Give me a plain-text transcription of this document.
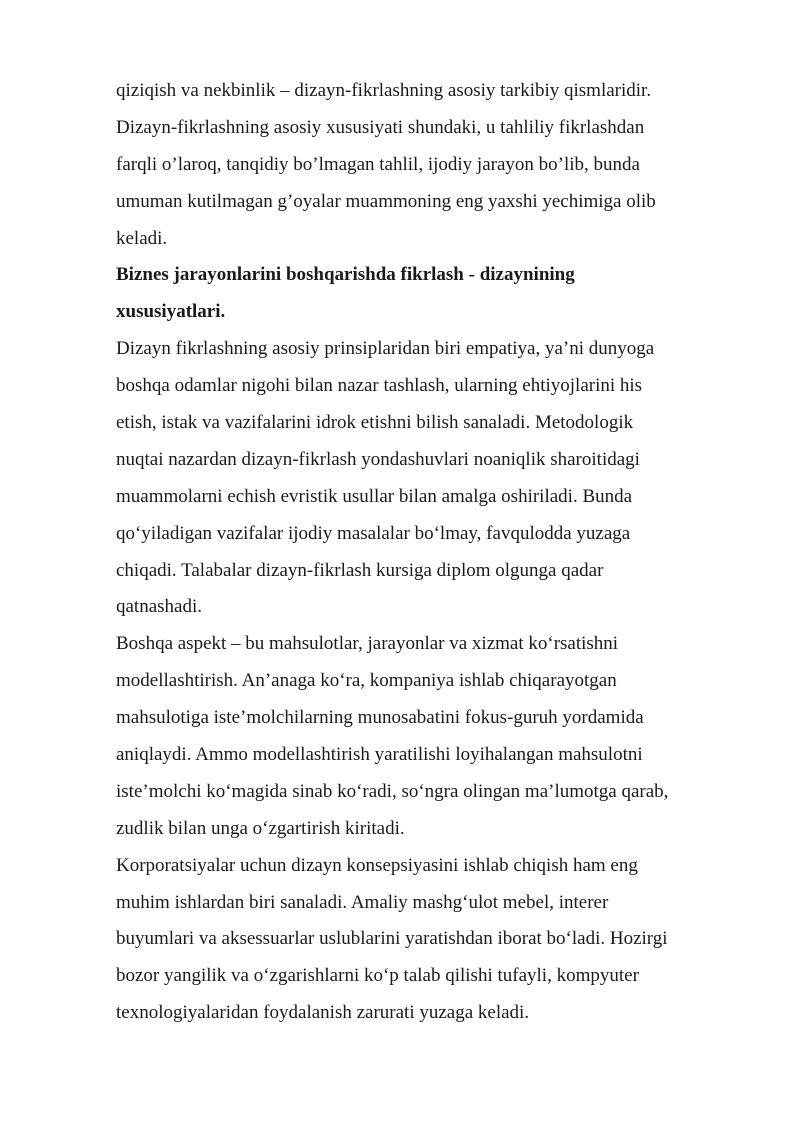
qiziqish va nekbinlik – dizayn-fikrlashning asosiy tarkibiy qismlaridir.
Dizayn-fikrlashning asosiy xususiyati shundaki, u tahliliy fikrlashdan
farqli o’laroq, tanqidiy bo’lmagan tahlil, ijodiy jarayon bo’lib, bunda
umuman kutilmagan g’oyalar muammoning eng yaxshi yechimiga olib
keladi.
Biznes jarayonlarini boshqarishda fikrlash - dizaynining
xususiyatlari.
Dizayn fikrlashning asosiy prinsiplaridan biri empatiya, ya’ni dunyoga
boshqa odamlar nigohi bilan nazar tashlash, ularning ehtiyojlarini his
etish, istak va vazifalarini idrok etishni bilish sanaladi. Metodologik
nuqtai nazardan dizayn-fikrlash yondashuvlari noaniqlik sharoitidagi
muammolarni echish evristik usullar bilan amalga oshiriladi. Bunda
qoʻyiladigan vazifalar ijodiy masalalar boʻlmay, favqulodda yuzaga
chiqadi. Talabalar dizayn-fikrlash kursiga diplom olgunga qadar
qatnashadi.
Boshqa aspekt – bu mahsulotlar, jarayonlar va xizmat koʻrsatishni
modellashtirish. An’anaga koʻra, kompaniya ishlab chiqarayotgan
mahsulotiga iste’molchilarning munosabatini fokus-guruh yordamida
aniqlaydi. Ammo modellashtirish yaratilishi loyihalangan mahsulotni
iste’molchi koʻmagida sinab koʻradi, soʻngra olingan ma’lumotga qarab,
zudlik bilan unga oʻzgartirish kiritadi.
Korporatsiyalar uchun dizayn konsepsiyasini ishlab chiqish ham eng
muhim ishlardan biri sanaladi. Amaliy mashgʻulot mebel, interer
buyumlari va aksessuarlar uslublarini yaratishdan iborat boʻladi. Hozirgi
bozor yangilik va oʻzgarishlarni koʻp talab qilishi tufayli, kompyuter
texnologiyalaridan foydalanish zarurati yuzaga keladi.
